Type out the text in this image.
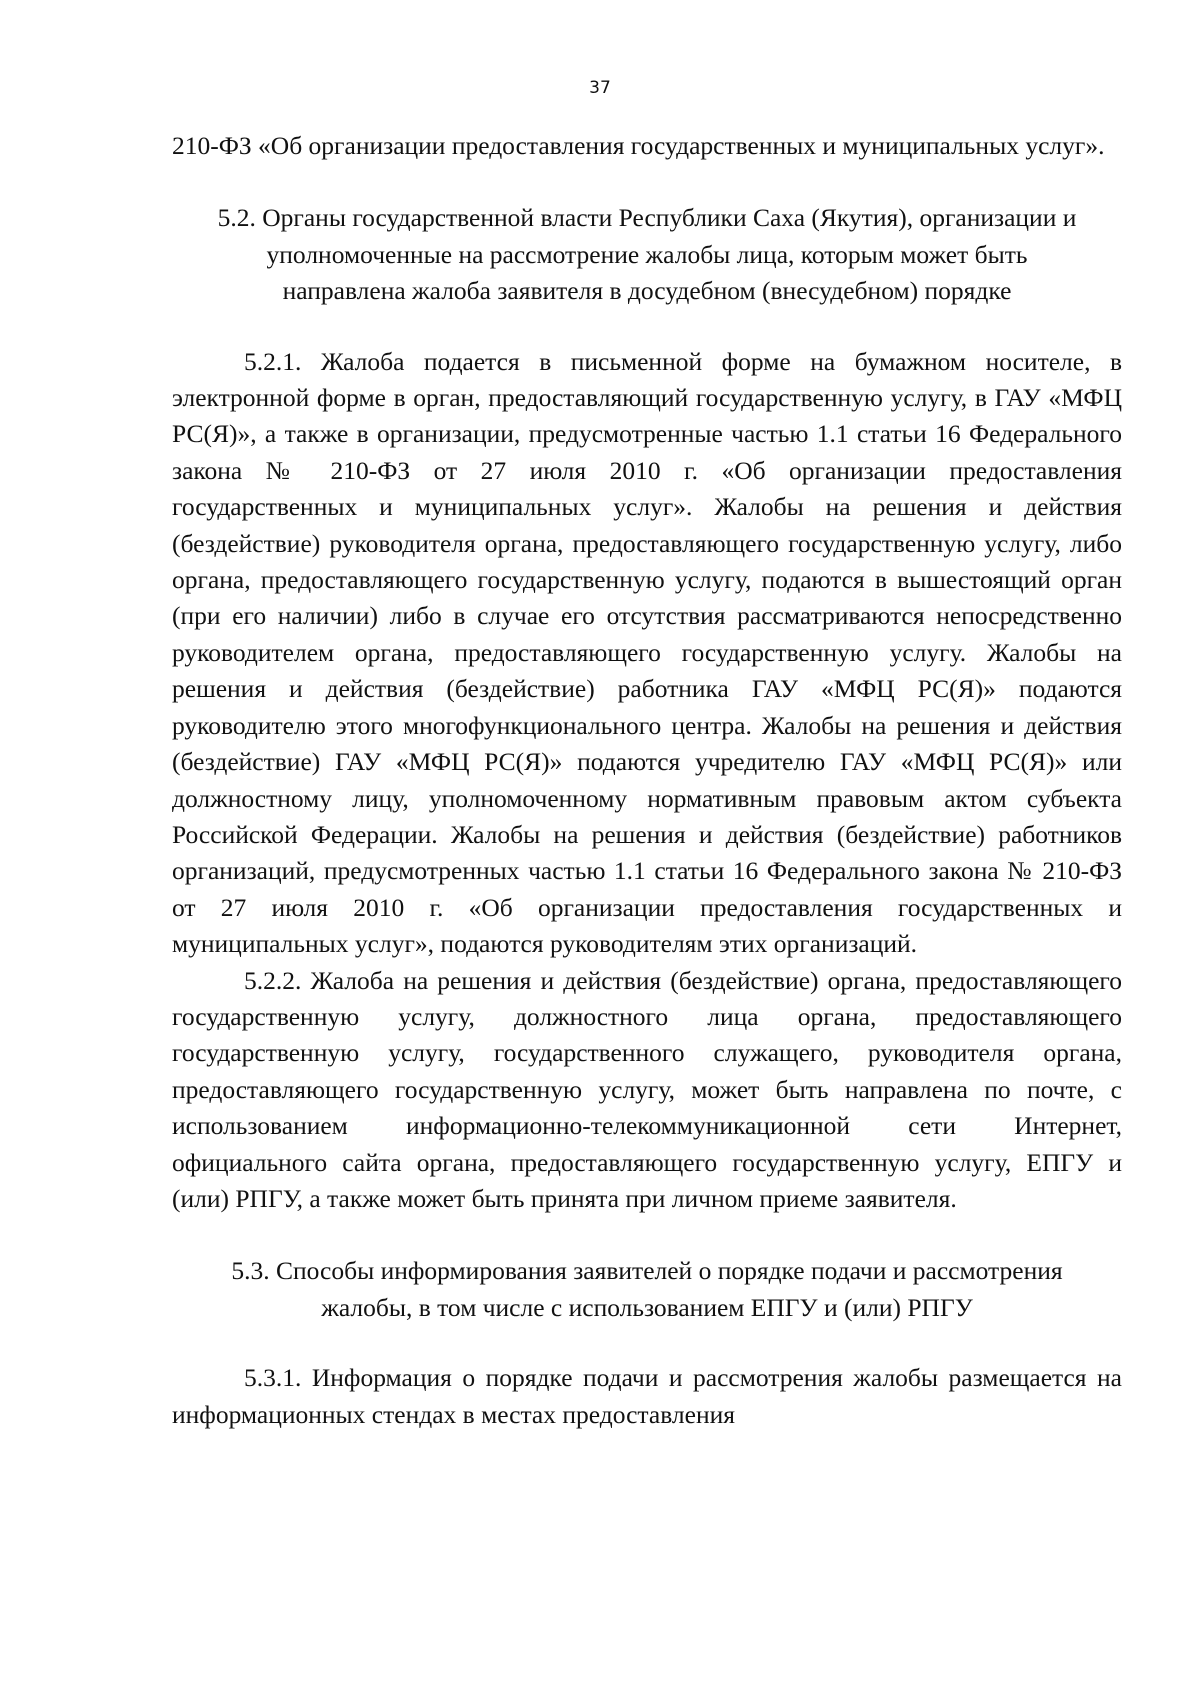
37

210-ФЗ «Об организации предоставления государственных и муниципальных услуг».

5.2. Органы государственной власти Республики Саха (Якутия), организации и уполномоченные на рассмотрение жалобы лица, которым может быть направлена жалоба заявителя в досудебном (внесудебном) порядке

5.2.1. Жалоба подается в письменной форме на бумажном носителе, в электронной форме в орган, предоставляющий государственную услугу, в ГАУ «МФЦ РС(Я)», а также в организации, предусмотренные частью 1.1 статьи 16 Федерального закона № 210-ФЗ от 27 июля 2010 г. «Об организации предоставления государственных и муниципальных услуг». Жалобы на решения и действия (бездействие) руководителя органа, предоставляющего государственную услугу, либо органа, предоставляющего государственную услугу, подаются в вышестоящий орган (при его наличии) либо в случае его отсутствия рассматриваются непосредственно руководителем органа, предоставляющего государственную услугу. Жалобы на решения и действия (бездействие) работника ГАУ «МФЦ РС(Я)» подаются руководителю этого многофункционального центра. Жалобы на решения и действия (бездействие) ГАУ «МФЦ РС(Я)» подаются учредителю ГАУ «МФЦ РС(Я)» или должностному лицу, уполномоченному нормативным правовым актом субъекта Российской Федерации. Жалобы на решения и действия (бездействие) работников организаций, предусмотренных частью 1.1 статьи 16 Федерального закона № 210-ФЗ от 27 июля 2010 г. «Об организации предоставления государственных и муниципальных услуг», подаются руководителям этих организаций.

5.2.2. Жалоба на решения и действия (бездействие) органа, предоставляющего государственную услугу, должностного лица органа, предоставляющего государственную услугу, государственного служащего, руководителя органа, предоставляющего государственную услугу, может быть направлена по почте, с использованием информационно-телекоммуникационной сети Интернет, официального сайта органа, предоставляющего государственную услугу, ЕПГУ и (или) РПГУ, а также может быть принята при личном приеме заявителя.

5.3. Способы информирования заявителей о порядке подачи и рассмотрения жалобы, в том числе с использованием ЕПГУ и (или) РПГУ

5.3.1. Информация о порядке подачи и рассмотрения жалобы размещается на информационных стендах в местах предоставления
